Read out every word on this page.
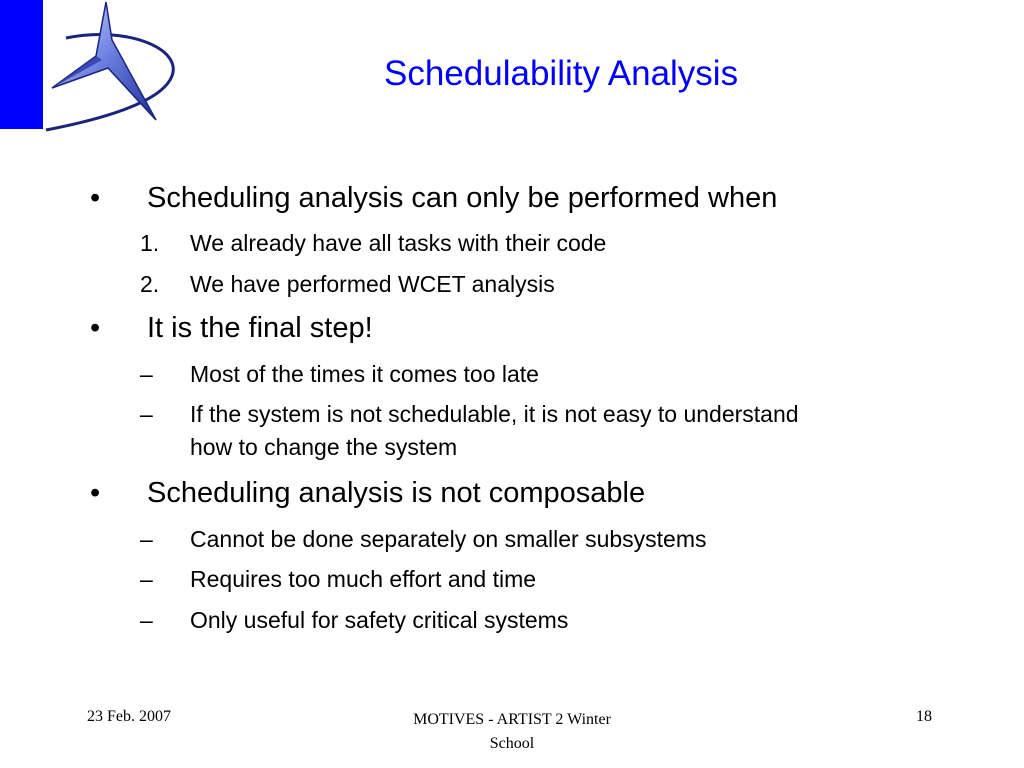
Schedulability Analysis
• Scheduling analysis can only be performed when
1. We already have all tasks with their code
2. We have performed WCET analysis
• It is the final step!
– Most of the times it comes too late
– If the system is not schedulable, it is not easy to understand
how to change the system
• Scheduling analysis is not composable
– Cannot be done separately on smaller subsystems
– Requires too much effort and time
– Only useful for safety critical systems
23 Feb. 2007	MOTIVES - ARTIST 2 Winter
School
18
